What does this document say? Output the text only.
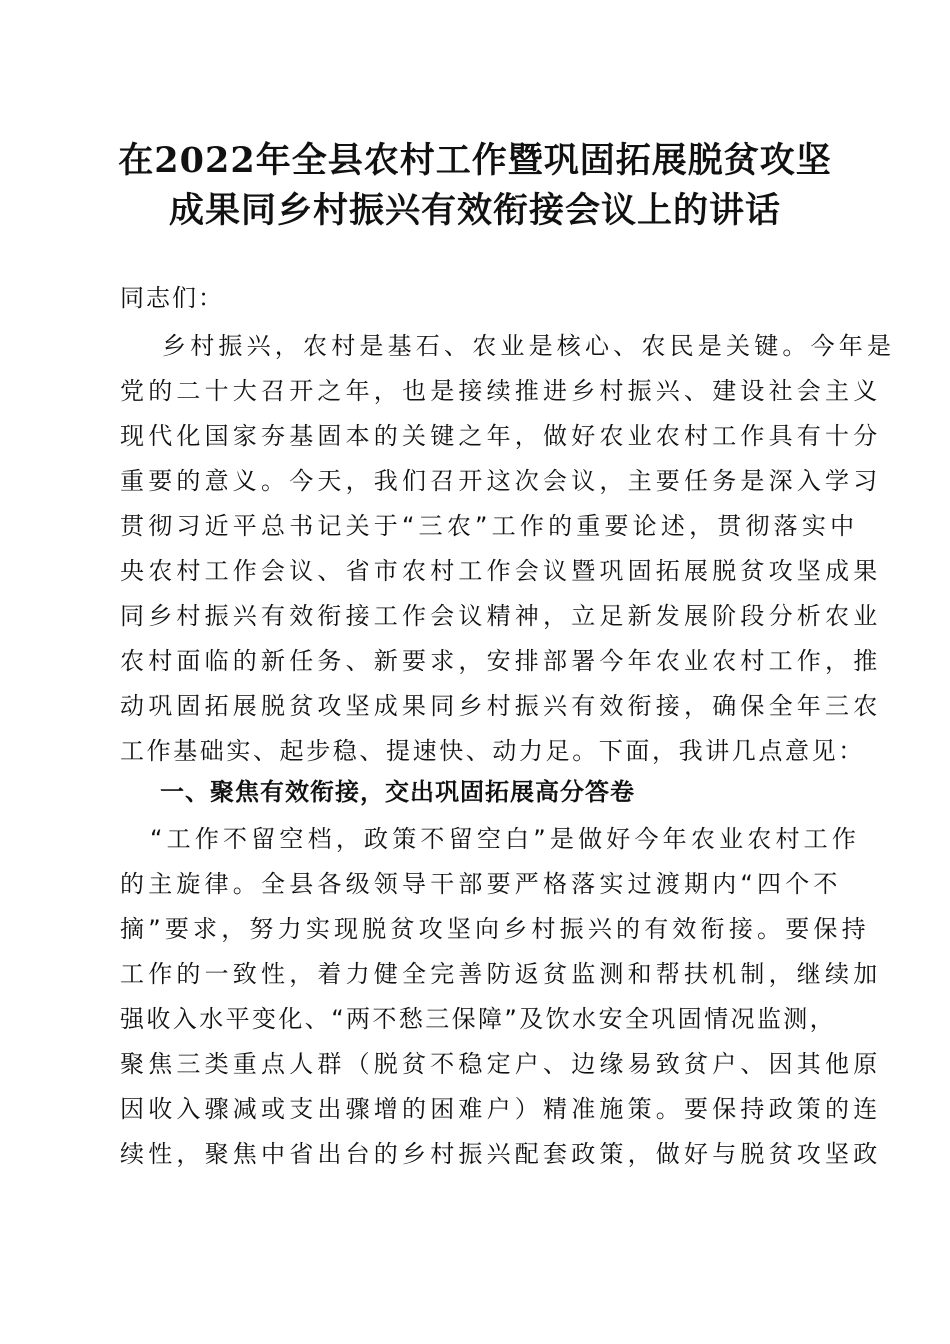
在2022年全县农村工作暨巩固拓展脱贫攻坚
成果同乡村振兴有效衔接会议上的讲话

同志们：

乡村振兴，农村是基石、农业是核心、农民是关键。今年是

党的二十大召开之年，也是接续推进乡村振兴、建设社会主义

现代化国家夯基固本的关键之年，做好农业农村工作具有十分

重要的意义。今天，我们召开这次会议，主要任务是深入学习

贯彻习近平总书记关于“三农”工作的重要论述，贯彻落实中

央农村工作会议、省市农村工作会议暨巩固拓展脱贫攻坚成果

同乡村振兴有效衔接工作会议精神，立足新发展阶段分析农业

农村面临的新任务、新要求，安排部署今年农业农村工作，推

动巩固拓展脱贫攻坚成果同乡村振兴有效衔接，确保全年三农

工作基础实、起步稳、提速快、动力足。下面，我讲几点意见：

一、聚焦有效衔接，交出巩固拓展高分答卷

“工作不留空档，政策不留空白”是做好今年农业农村工作

的主旋律。全县各级领导干部要严格落实过渡期内“四个不

摘”要求，努力实现脱贫攻坚向乡村振兴的有效衔接。要保持

工作的一致性，着力健全完善防返贫监测和帮扶机制，继续加

强收入水平变化、“两不愁三保障”及饮水安全巩固情况监测，

聚焦三类重点人群（脱贫不稳定户、边缘易致贫户、因其他原

因收入骤减或支出骤增的困难户）精准施策。要保持政策的连

续性，聚焦中省出台的乡村振兴配套政策，做好与脱贫攻坚政
